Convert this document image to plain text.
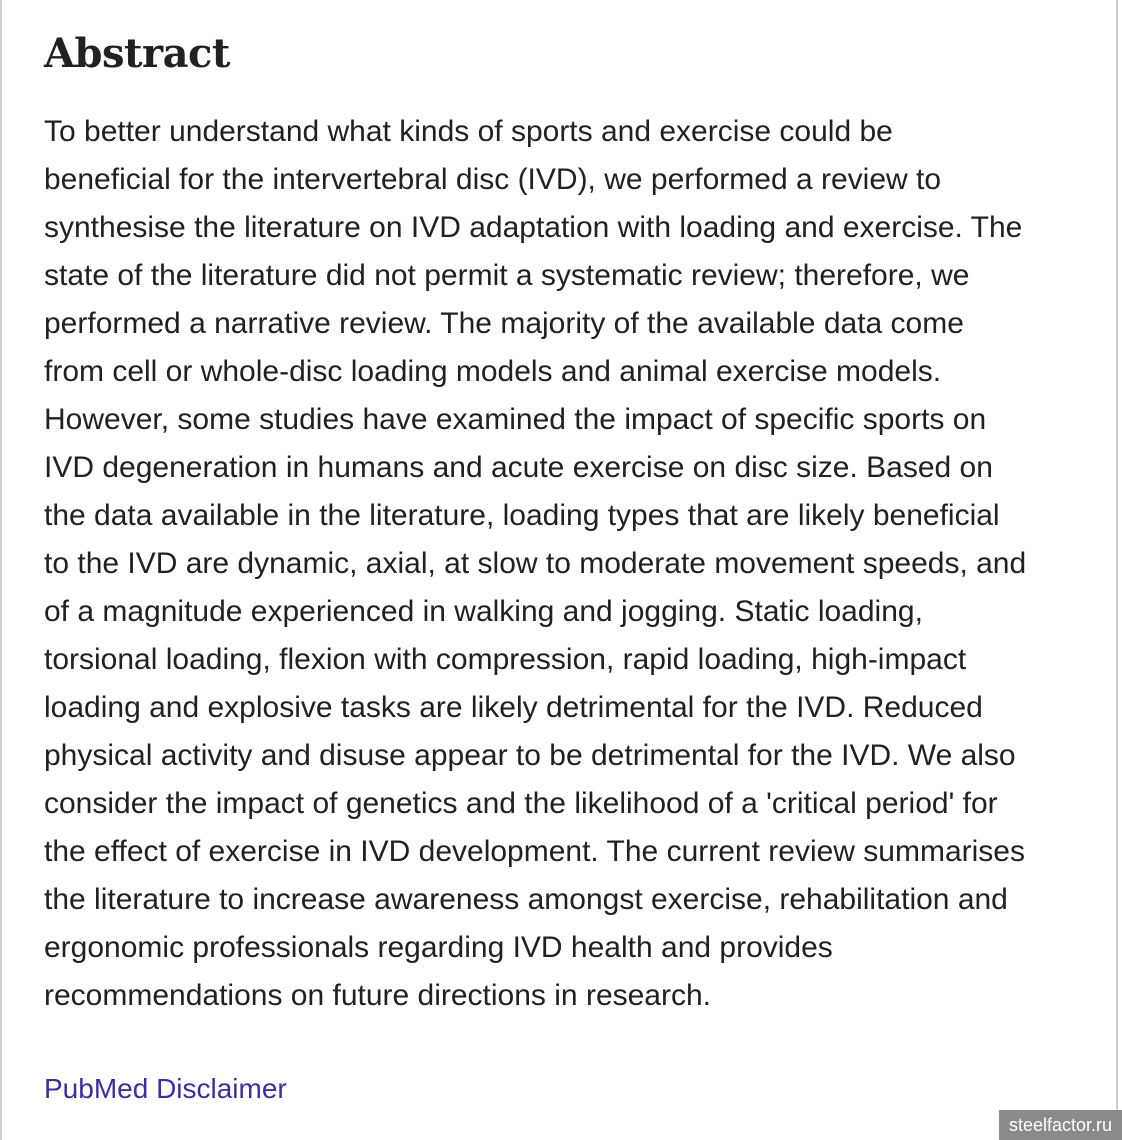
Abstract

To better understand what kinds of sports and exercise could be
beneficial for the intervertebral disc (IVD), we performed a review to
synthesise the literature on IVD adaptation with loading and exercise. The
state of the literature did not permit a systematic review; therefore, we
performed a narrative review. The majority of the available data come
from cell or whole-disc loading models and animal exercise models.
However, some studies have examined the impact of specific sports on
IVD degeneration in humans and acute exercise on disc size. Based on
the data available in the literature, loading types that are likely beneficial
to the IVD are dynamic, axial, at slow to moderate movement speeds, and
of a magnitude experienced in walking and jogging. Static loading,
torsional loading, flexion with compression, rapid loading, high-impact
loading and explosive tasks are likely detrimental for the IVD. Reduced
physical activity and disuse appear to be detrimental for the IVD. We also
consider the impact of genetics and the likelihood of a 'critical period' for
the effect of exercise in IVD development. The current review summarises
the literature to increase awareness amongst exercise, rehabilitation and
ergonomic professionals regarding IVD health and provides
recommendations on future directions in research.

PubMed Disclaimer
steelfactor.ru
